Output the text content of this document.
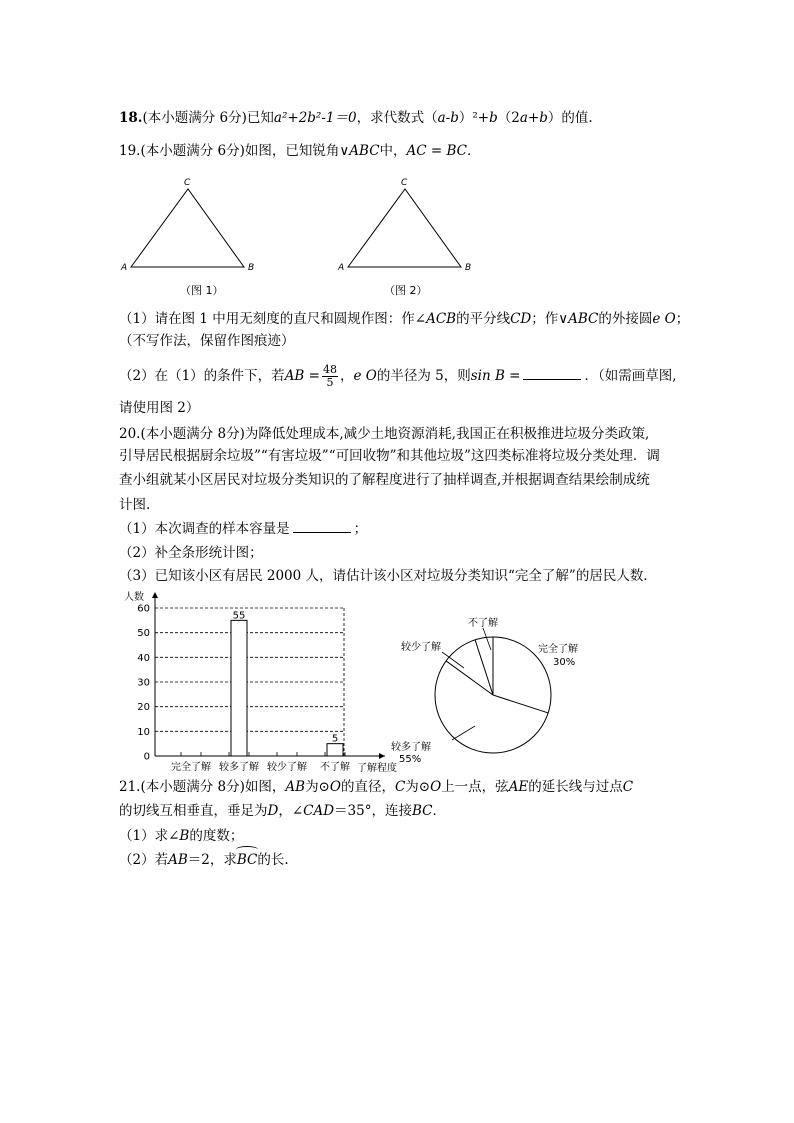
18.(本小题满分 6分)已知a²+2b²-1＝0，求代数式（a-b）²+b（2a+b）的值.
19.(本小题满分 6分)如图，已知锐角∨ABC中，AC = BC．
C
A	B
（图 1）
C
A	B
（图 2）
（1）请在图 1 中用无刻度的直尺和圆规作图：作∠ACB的平分线CD；作∨ABC的外接圆e O；
（不写作法，保留作图痕迹）
（2）在（1）的条件下，若AB = $\frac{48}{5}$ ，e O的半径为 5，则sin B =	．（如需画草图,
请使用图 2）
20.(本小题满分 8分)为降低处理成本,减少土地资源消耗,我国正在积极推进垃圾分类政策,
引导居民根据厨余垃圾”“有害垃圾”“可回收物”和其他垃圾”这四类标准将垃圾分类处理．调
查小组就某小区居民对垃圾分类知识的了解程度进行了抽样调查,并根据调查结果绘制成统
计图.
（1）本次调查的样本容量是	；
（2）补全条形统计图；
（3）已知该小区有居民 2000 人，请估计该小区对垃圾分类知识“完全了解”的居民人数．
0
10
20
30
40
50
60
完全了解 较多了解 较少了解 不了解
55
5
人数
了解程度
不了解
较少了解	完全了解
30%
较多了解
55%
21.(本小题满分 8分)如图，AB为⊙O的直径，C为⊙O上一点，弦AE的延长线与过点C
的切线互相垂直，垂足为D，∠CAD＝35°，连接BC．
（1）求∠B的度数；
（2）若AB＝2，求BC的长.
